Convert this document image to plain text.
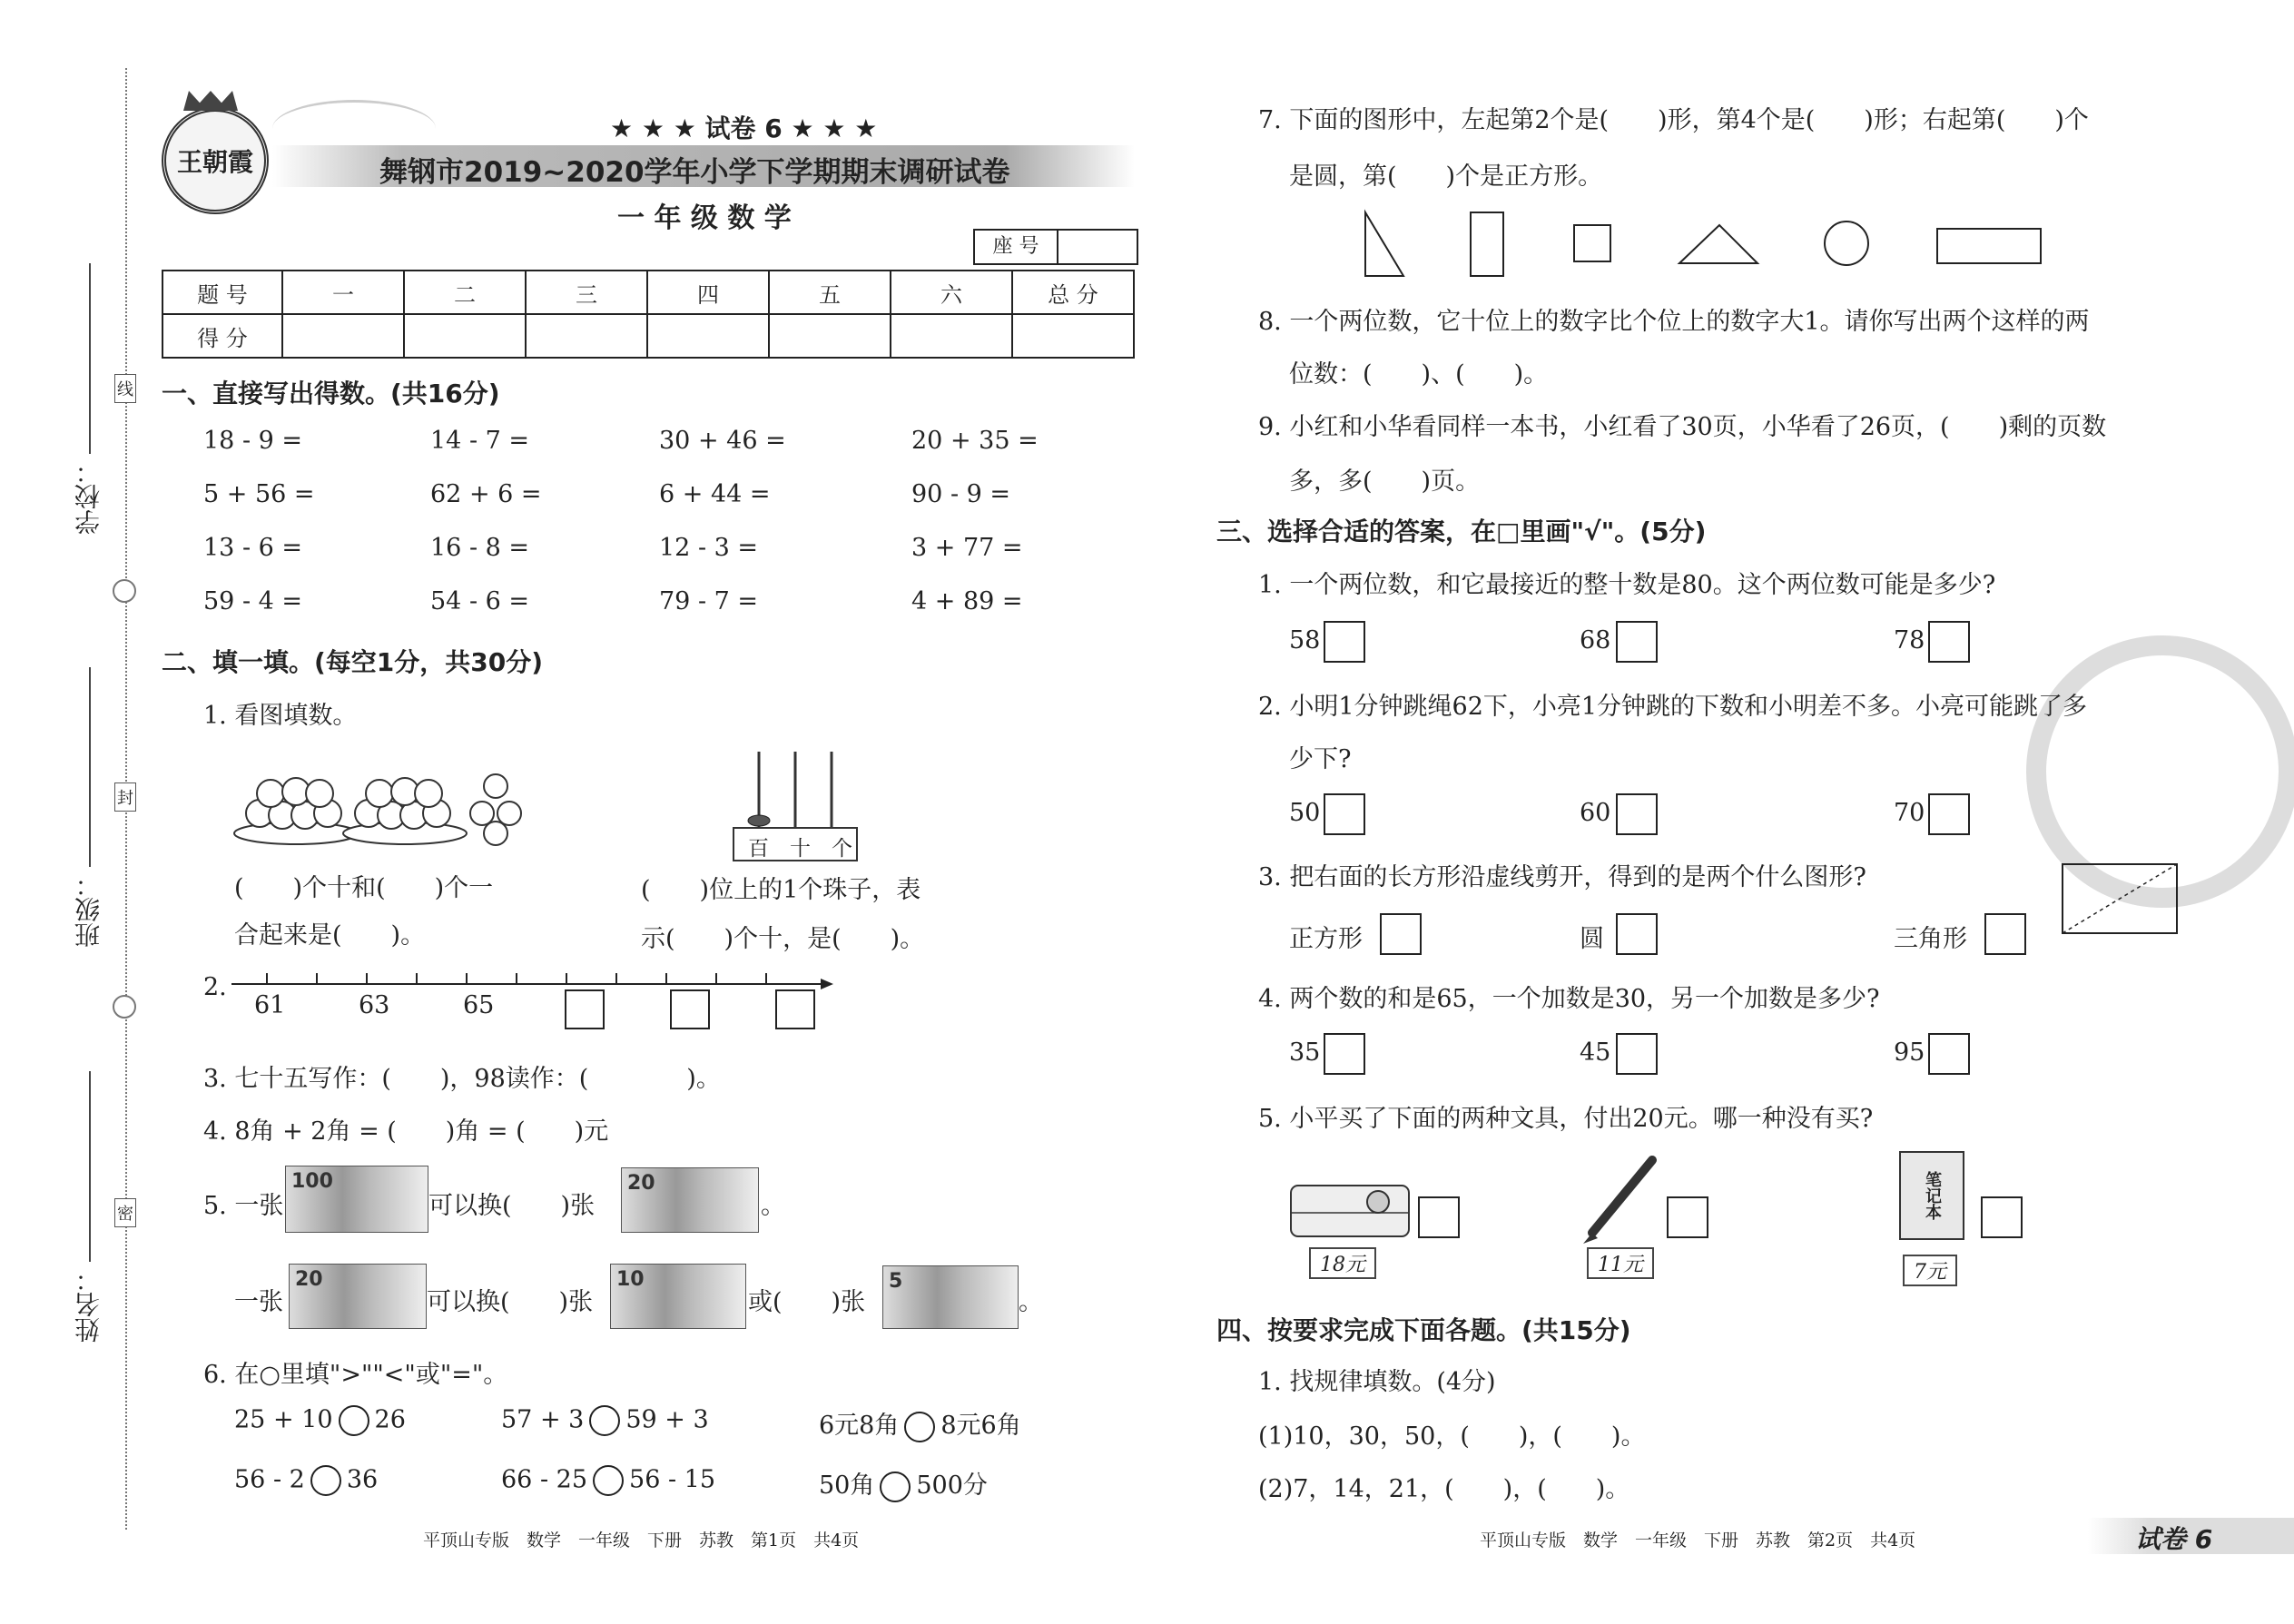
学校：
班级：
姓名：
线
封
密
王朝霞
★ ★ ★ 试卷 6 ★ ★ ★
舞钢市2019~2020学年小学下学期期末调研试卷
一 年 级 数 学
座 号
题 号	一	二	三	四	五	六	总 分
得 分							
一、直接写出得数。(共16分)
18 - 9 =	14 - 7 =	30 + 46 =	20 + 35 =
5 + 56 =	62 + 6 =	6 + 44 =	90 - 9 =
13 - 6 =	16 - 8 =	12 - 3 =	3 + 77 =
59 - 4 =	54 - 6 =	79 - 7 =	4 + 89 =
二、填一填。(每空1分，共30分)
1. 看图填数。
百　十　个
(　　)个十和(　　)个一
合起来是(　　)。
(　　)位上的1个珠子，表
示(　　)个十，是(　　)。
2.
61	63	65
3. 七十五写作：(　　)，98读作：(　　　　)。
4. 8角 + 2角 = (　　)角 = (　　)元
5. 一张
100
可以换(　　)张
20
。
一张
20
可以换(　　)张
10
或(　　)张
5
。
6. 在○里填">""<"或"="。
25 + 10 26	57 + 3 59 + 3	6元8角 8元6角
56 - 2 36	66 - 25 56 - 15	50角 500分
平顶山专版　数学　一年级　下册　苏教　第1页　共4页
7. 下面的图形中，左起第2个是(　　)形，第4个是(　　)形；右起第(　　)个
是圆，第(　　)个是正方形。
8. 一个两位数，它十位上的数字比个位上的数字大1。请你写出两个这样的两
位数：(　　)、(　　)。
9. 小红和小华看同样一本书，小红看了30页，小华看了26页，(　　)剩的页数
多，多(　　)页。
三、选择合适的答案，在□里画"√"。(5分)
1. 一个两位数，和它最接近的整十数是80。这个两位数可能是多少?
58	68	78
2. 小明1分钟跳绳62下，小亮1分钟跳的下数和小明差不多。小亮可能跳了多
少下?
50	60	70
3. 把右面的长方形沿虚线剪开，得到的是两个什么图形?
正方形	圆	三角形
4. 两个数的和是65，一个加数是30，另一个加数是多少?
35	45	95
5. 小平买了下面的两种文具，付出20元。哪一种没有买?
18元	11元
笔记本
7元
四、按要求完成下面各题。(共15分)
1. 找规律填数。(4分)
(1)10，30，50，(　　)，(　　)。
(2)7，14，21，(　　)，(　　)。
平顶山专版　数学　一年级　下册　苏教　第2页　共4页	试卷 6
